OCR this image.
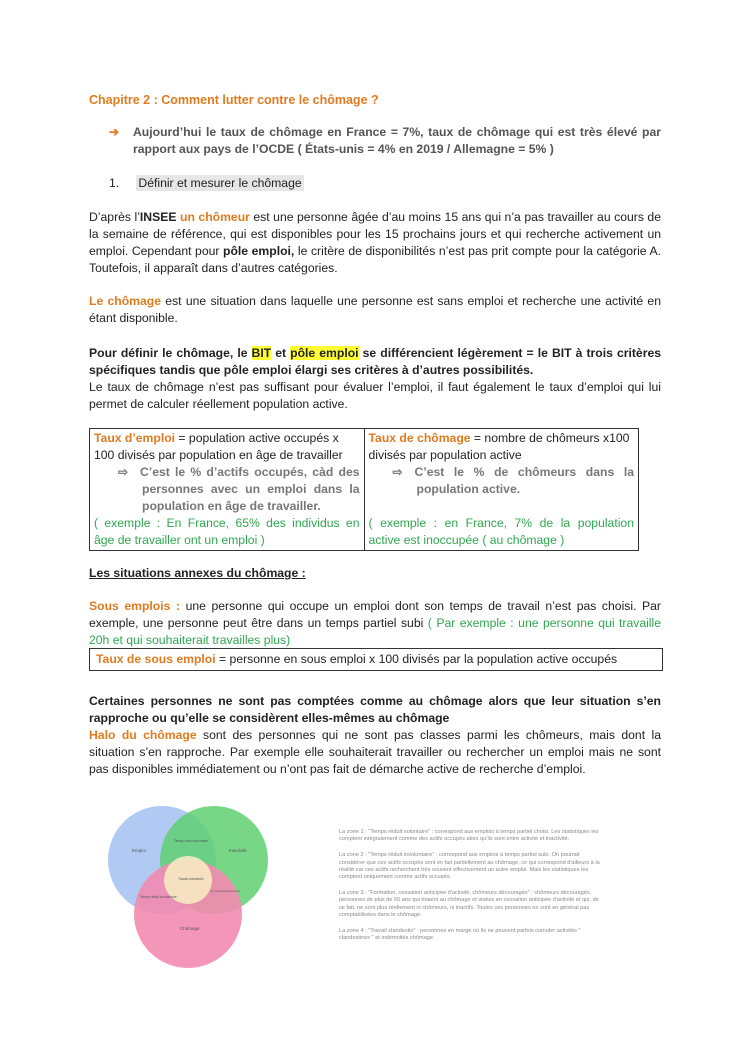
Chapitre 2 : Comment lutter contre le chômage ?
➔ Aujourd’hui le taux de chômage en France = 7%, taux de chômage qui est très élevé par rapport aux pays de l’OCDE ( États-unis = 4% en 2019 / Allemagne = 5% )
1. Définir et mesurer le chômage

D’après l’INSEE un chômeur est une personne âgée d’au moins 15 ans qui n’a pas travailler au cours de la semaine de référence, qui est disponibles pour les 15 prochains jours et qui recherche activement un emploi. Cependant pour pôle emploi, le critère de disponibilités n’est pas prit compte pour la catégorie A. Toutefois, il apparaît dans d’autres catégories.

Le chômage est une situation dans laquelle une personne est sans emploi et recherche une activité en étant disponible.

Pour définir le chômage, le BIT et pôle emploi se différencient légèrement = le BIT à trois critères spécifiques tandis que pôle emploi élargi ses critères à d’autres possibilités.
Le taux de chômage n’est pas suffisant pour évaluer l’emploi, il faut également le taux d’emploi qui lui permet de calculer réellement population active.

Taux d’emploi = population active occupés x 100 divisés par population en âge de travailler
⇨ C’est le % d’actifs occupés, càd des personnes avec un emploi dans la population en âge de travailler.
( exemple : En France, 65% des individus en âge de travailler ont un emploi )
	Taux de chômage = nombre de chômeurs x100 divisés par population active
⇨ C’est le % de chômeurs dans la population active.
( exemple : en France, 7% de la population active est inoccupée ( au chômage )
Les situations annexes du chômage :

Sous emplois : une personne qui occupe un emploi dont son temps de travail n’est pas choisi. Par exemple, une personne peut être dans un temps partiel subi ( Par exemple : une personne qui travaille 20h et qui souhaiterait travailles plus)

Taux de sous emploi = personne en sous emploi x 100 divisés par la population active occupés

Certaines personnes ne sont pas comptées comme au chômage alors que leur situation s’en rapproche ou qu’elle se considèrent elles-mêmes au chômage
Halo du chômage sont des personnes qui ne sont pas classes parmi les chômeurs, mais dont la situation s’en rapproche. Par exemple elle souhaiterait travailler ou rechercher un emploi mais ne sont pas disponibles immédiatement ou n’ont pas fait de démarche active de recherche d’emploi.

Emploi	Inactivité
Chômage
Temps réduit volontaire
Travail clandestin
Temps réduit involontaire
Formation, cessation anticipée d'activité, chômeurs découragés
La zone 1 : "Temps réduit volontaire" : correspond aux emplois à temps partiel choisi. Les statistiques les comptent intégralement comme des actifs occupés alors qu'ils sont entre activité et inactivité.
La zone 2 : "Temps réduit involontaire" : correspond aux emplois à temps partiel subi. On pourrait considérer que ces actifs occupés sont en fait partiellement au chômage, ce qui correspond d'ailleurs à la réalité car ces actifs recherchent très souvent effectivement un autre emploi. Mais les statistiques les comptent uniquement comme actifs occupés.
La zone 3 : "Formation, cessation anticipée d'activité, chômeurs découragés" : chômeurs découragés, personnes de plus de 55 ans qui étaient au chômage et visées en cessation anticipée d'activité et qui, de ce fait, ne sont plus réellement ni chômeurs, ni inactifs. Toutes ces personnes ne sont en général pas comptabilisées dans le chômage.
La zone 4 : "Travail clandestin" : personnes en marge où ils ne peuvent parfois cumuler activités " clandestines " et indemnités chômage.
